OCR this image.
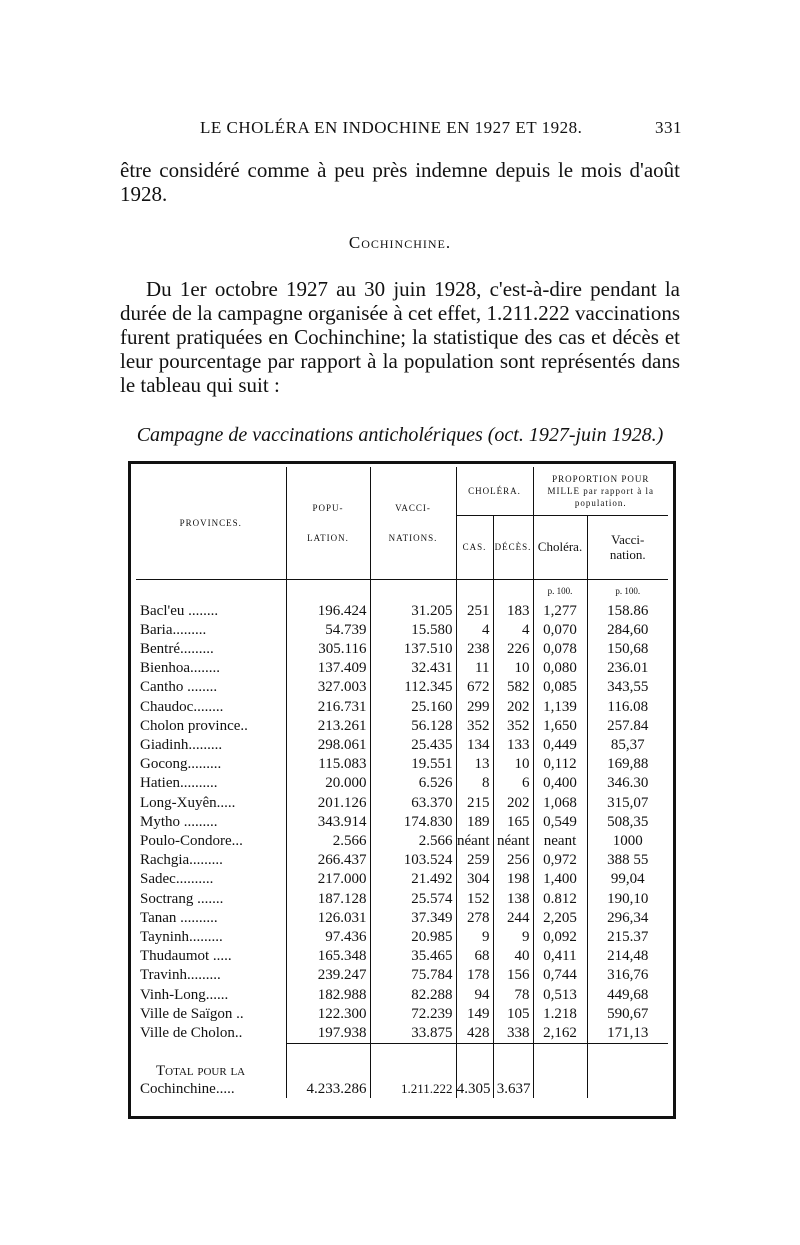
LE CHOLÉRA EN INDOCHINE EN 1927 ET 1928.	331
être considéré comme à peu près indemne depuis le mois d'août 1928.
Cochinchine.
Du 1er octobre 1927 au 30 juin 1928, c'est-à-dire pendant la durée de la campagne organisée à cet effet, 1.211.222 vaccinations furent pratiquées en Cochinchine; la statistique des cas et décès et leur pourcentage par rapport à la population sont représentés dans le tableau qui suit :
Campagne de vaccinations anticholériques (oct. 1927-juin 1928.)
PROVINCES.	POPU- LATION.	VACCI- NATIONS.	CHOLÉRA.		PROPORTION POUR MILLE par rapport à la population.	
			CAS.	DÉCÈS.	Choléra.	Vacci- nation.
					p. 100.	p. 100.
Bacl'eu ........	196.424	31.205	251	183	1,277	158.86
Baria.........	54.739	15.580	4	4	0,070	284,60
Bentré.........	305.116	137.510	238	226	0,078	150,68
Bienhoa........	137.409	32.431	11	10	0,080	236.01
Cantho ........	327.003	112.345	672	582	0,085	343,55
Chaudoc........	216.731	25.160	299	202	1,139	116.08
Cholon province..	213.261	56.128	352	352	1,650	257.84
Giadinh.........	298.061	25.435	134	133	0,449	85,37
Gocong.........	115.083	19.551	13	10	0,112	169,88
Hatien..........	20.000	6.526	8	6	0,400	346.30
Long-Xuyên.....	201.126	63.370	215	202	1,068	315,07
Mytho .........	343.914	174.830	189	165	0,549	508,35
Poulo-Condore...	2.566	2.566	néant	néant	neant	1000
Rachgia.........	266.437	103.524	259	256	0,972	388 55
Sadec..........	217.000	21.492	304	198	1,400	99,04
Soctrang .......	187.128	25.574	152	138	0.812	190,10
Tanan ..........	126.031	37.349	278	244	2,205	296,34
Tayninh.........	97.436	20.985	9	9	0,092	215.37
Thudaumot .....	165.348	35.465	68	40	0,411	214,48
Travinh.........	239.247	75.784	178	156	0,744	316,76
Vinh-Long......	182.988	82.288	94	78	0,513	449,68
Ville de Saïgon ..	122.300	72.239	149	105	1.218	590,67
Ville de Cholon..	197.938	33.875	428	338	2,162	171,13

Total pour la
Cochinchine.....	4.233.286	1.211.222	4.305	3.637		
